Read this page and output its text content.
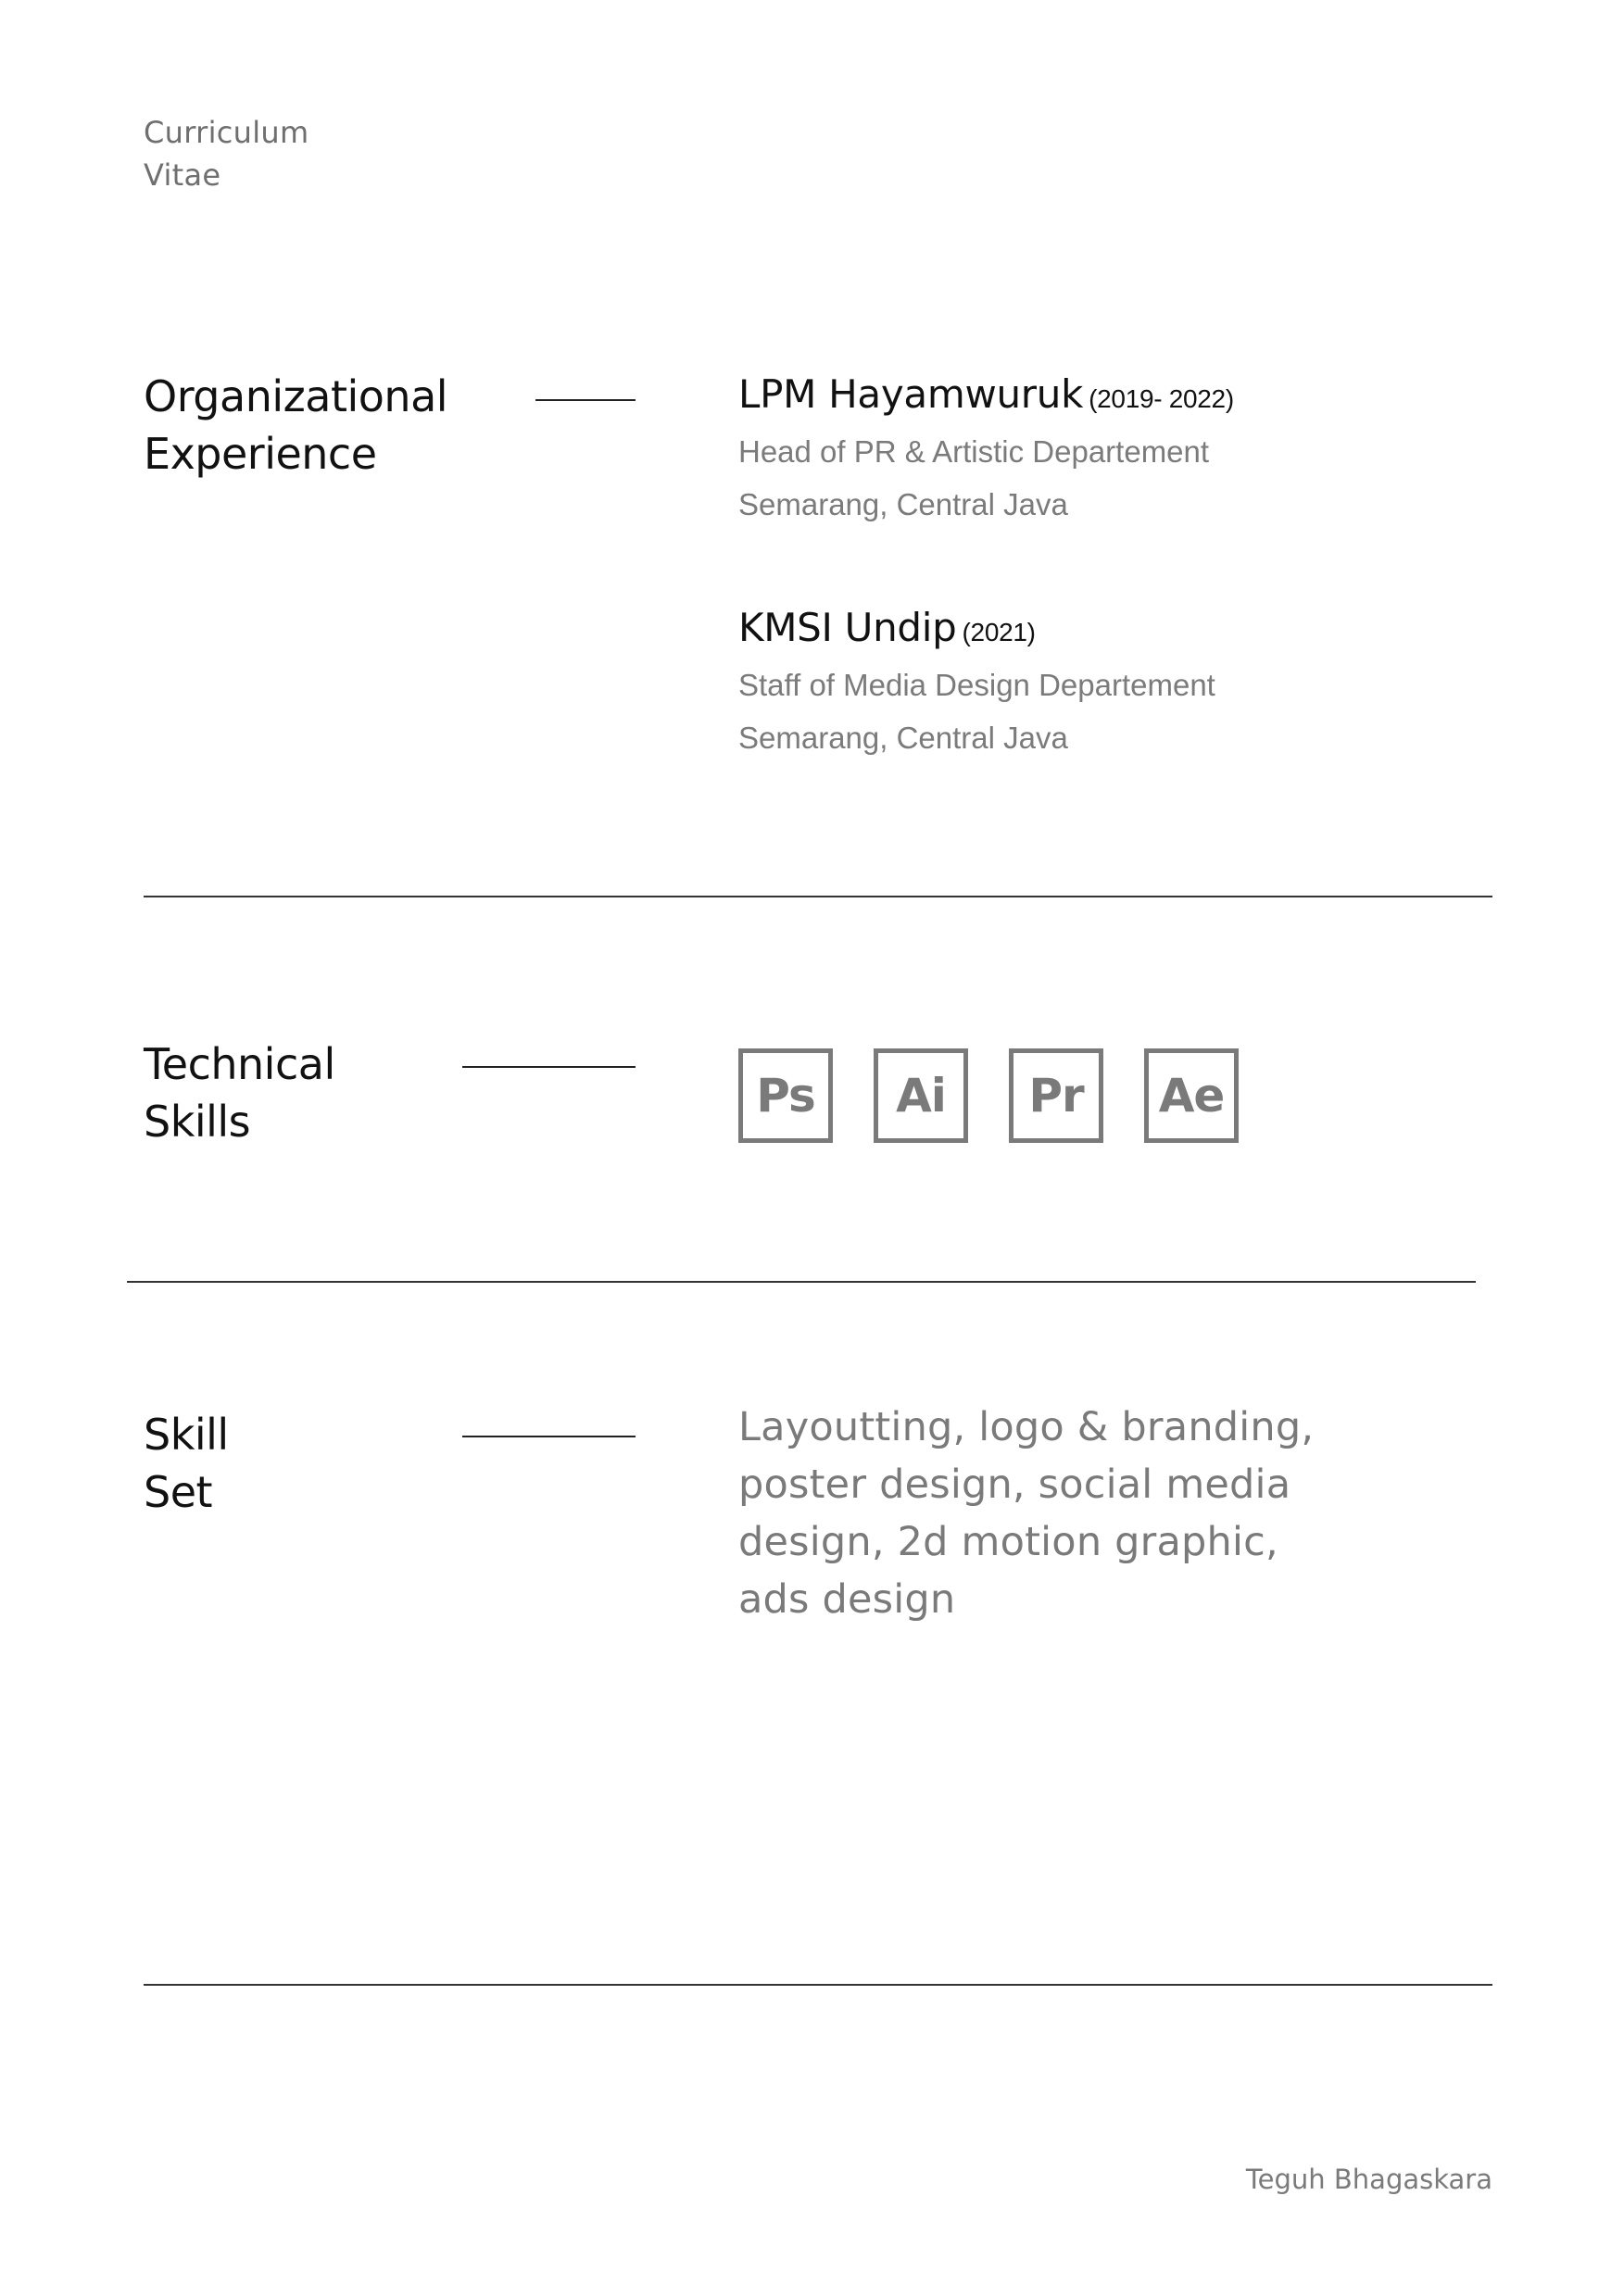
Curriculum
Vitae
Organizational
Experience
LPM Hayamwuruk (2019- 2022)
Head of PR & Artistic Departement
Semarang, Central Java
KMSI Undip (2021)
Staff of Media Design Departement
Semarang, Central Java
Technical
Skills	Ps	Ai	Pr	Ae
Skill
Set
Layoutting, logo & branding,
poster design, social media
design, 2d motion graphic,
ads design
Teguh Bhagaskara
